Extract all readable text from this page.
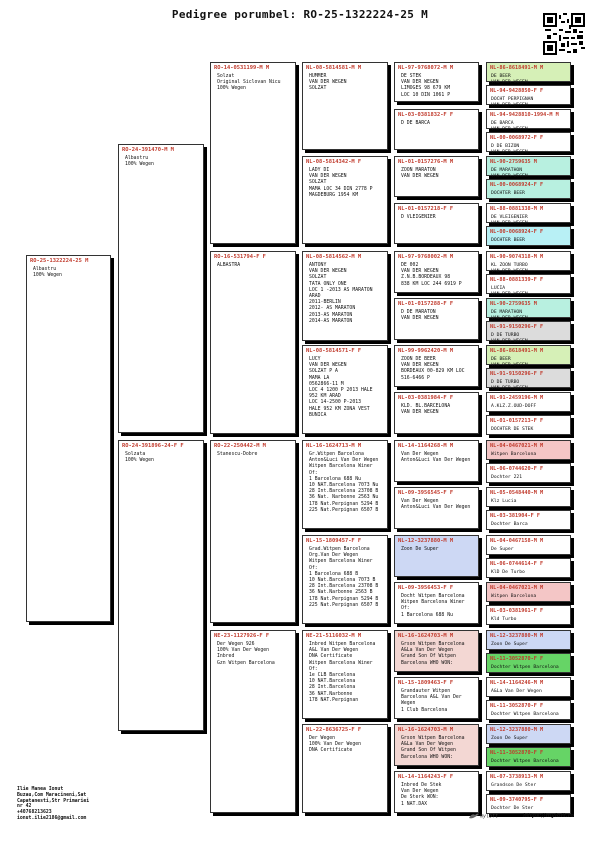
Pedigree porumbel: RO-25-1322224-25 M
RO-25-1322224-25 M
Albastru
100% Wegen
RO-24-391470-M M
Albastru
100% Wegen
RO-24-391896-24-F F
Solzata
100% Wegen
RO-14-0531199-M M
Solzat
Original Siclovan Nicu
100% Wegen
RO-16-531794-F F
ALBASTRA
RO-22-250442-M M
Stanescu-Dobre
NE-23-1127926-F F
Der Wegen 926
100% Van Der Wegen
Inbred
Gzn Witpen Barcelona
NL-08-5814581-M M
HUMMER
VAN DER WEGEN
SOLZAT
NL-08-5814342-M F
LADY DI
VAN DER WEGEN
SOLZAT
MAMA LOC 34 DIN 2778 P
MAGDEBURG 1954 KM
NL-08-5814562-M M
ANTONY
VAN DER WEGEN
SOLZAT
TATA ONLY ONE
LOC 1 -2013 AS MARATON
ARAD
2011-BERLIN
2012- AS MARATON
2013-AS MARATON
2014-AS MARATON
NL-08-5814571-F F
LUCY
VAN DER WEGEN
SOLZAT P A
MAMA LA
0562866-11 M
LOC 4 1200 P 2013 HALE
952 KM ARAD
LOC 14-2500 P-2013
HALE 952 KM ZONA VEST
BUNICA
NL-16-1624713-M M
Gr.Witpen Barcelona
Anton&Luci Van Der Wegen
Witpen Barcelona Winer
Of:
1 Barcelona 688 Nu
10 NAT.Barcelona 7073 Nu
28 Int.Barcelona 23708 B
36 Nat. Narbonne 2563 Nu
178 Nat.Perpignan 5294 B
225 Nat.Perpignan 6507 B
NL-15-1809457-F F
Grad.Witpen Barcelona
Org.Van Der Wegen
Witpen Barcelona Winer
Of:
1 Barcelona 688 B
10 Nat.Barcelona 7073 B
28 Int.Barcelona 23708 B
36 Nat.Narbonne 2563 B
178 Nat.Perpignan 5294 B
225 Nat.Perpignan 6507 B
NE-21-5116032-M M
Inbred Witpen Barcelona
A&L Van Der Wegen
DNA Certificate
Witpen Barcelona Winer
Of:
1e CLB Barcelona
10 NAT.Barcelona
28 Int.Barcelona
36 NAT.Narbonne
178 NAT.Perpignan
NL-22-8636725-F F
Der Wegen
100% Van Der Wegen
DNA Certificate
NL-97-9768072-M M
DE STEK
VAN DER WEGEN
LIMOGES 98 679 KM
LOC 10 DIN 1061 P
NL-03-0381832-F F
D DE BARCA
NL-01-0157276-M M
ZOON MARATON
VAN DER WEGEN
NL-01-0157218-F F
D VLEIGENIER
NL-97-9768002-M M
DE 002
VAN DER WEGEN
Z.N.B.BORDEAUX 98
838 KM LOC 244 6919 P
NL-01-0157288-F F
D DE MARATON
VAN DER WEGEN
NL-99-9962420-M M
ZOON DE BEER
VAN DER WEGEN
BORDEAUX 00-829 KM LOC
516-6466 P
NL-03-0381984-F F
KLD. BL.BARCELONA
VAN DER WEGEN
NL-14-1164268-M M
Van Der Wegen
Anton&Luci Van Der Wegen
NL-09-3956545-F F
Van Der Wegen
Anton&Luci Van Der Wegen
NL-12-3237880-M M
Zoon De Super
NL-09-3956453-F F
Docht Witpen Barcelona
Witpen Barcelona Winer
Of:
1 Barcelona 688 Nu
NL-16-1624703-M M
Grson Witpen Barcelona
A&La Van Der Wegen
Grand Son Of Witpen
Barcelona WHO WON:
NL-15-1809463-F F
Grandauter Witpen
Barcelona A&L Van Der
Wegen
1 Club Barcelona
NL-16-1624703-M M
Grson Witpen Barcelona
A&La Van Der Wegen
Grand Son Of Witpen
Barcelona WHO WON:
NL-14-1164243-F F
Inbred De Stek
Van Der Wegen
De Sterk WON:
1 NAT.DAX
NL-86-8618491-M M
DE BEER
VAN DER WEGEN
NL-94-9428850-F F
DOCHT PERPIGNAN
VAN DER WEGEN
NL-94-9428810-1994-M M
DE BARCA
VAN DER WEGEN
NL-00-0068972-F F
D DE BIZON
VAN DER WEGEN
NL-90-2759635 M
DE MARATHON
VAN DER WEGEN
NL-00-0068924-F F
DOCHTER BEER
NL-88-0881338-M M
DE VLEIGENIER
VAN DER WEGEN
NL-00-0068924-F F
DOCHTER BEER
NL-90-9074318-M M
KL ZOON TURBO
VAN DER WEGEN
NL-88-0881339-F F
LUCIA
VAN DER WEGEN
NL-90-2759635 M
DE MARATHON
VAN DER WEGEN
NL-91-9150296-F F
D DE TURBO
VAN DER WEGEN
NL-86-8618491-M M
DE BEER
VAN DER WEGEN
NL-91-9150296-F F
D DE TURBO
VAN DER WEGEN
NL-91-2459196-M M
A.KLZ.Z.OUD-DOFF
NL-01-0157213-F F
DOCHTER DE STEK
NL-04-0467021-M M
Witpen Barcelona
NL-06-0744620-F F
Dochter 221
NL-05-0548440-M M
Klz Lucia
NL-03-381904-F F
Dochter Barca
NL-04-0467158-M M
De Super
NL-06-0744614-F F
KlD De Turbo
NL-04-0467021-M M
Witpen Barcelona
NL-03-0381961-F F
Kld Turbo
NL-12-3237880-M M
Zoon De Super
NL-11-3052870-F F
Dochter Witpen Barcelona
NL-14-1164246-M M
A&La Van Der Wegen
NL-11-3052870-F F
Dochter Witpen Barcelona
NL-12-3237880-M M
Zoon De Super
NL-11-3052870-F F
Dochter Witpen Barcelona
NL-07-3738913-M M
Grandson De Ster
NL-09-3740795-F F
Dochter De Ster
Ilie Manea Ionut
Buzau,Com Maracineni,Sat
Capatanesti,Str Primariei
nr 42
+40768213623
ionut.ilie2186@gmail.com	myloft	https://myloft.ro
